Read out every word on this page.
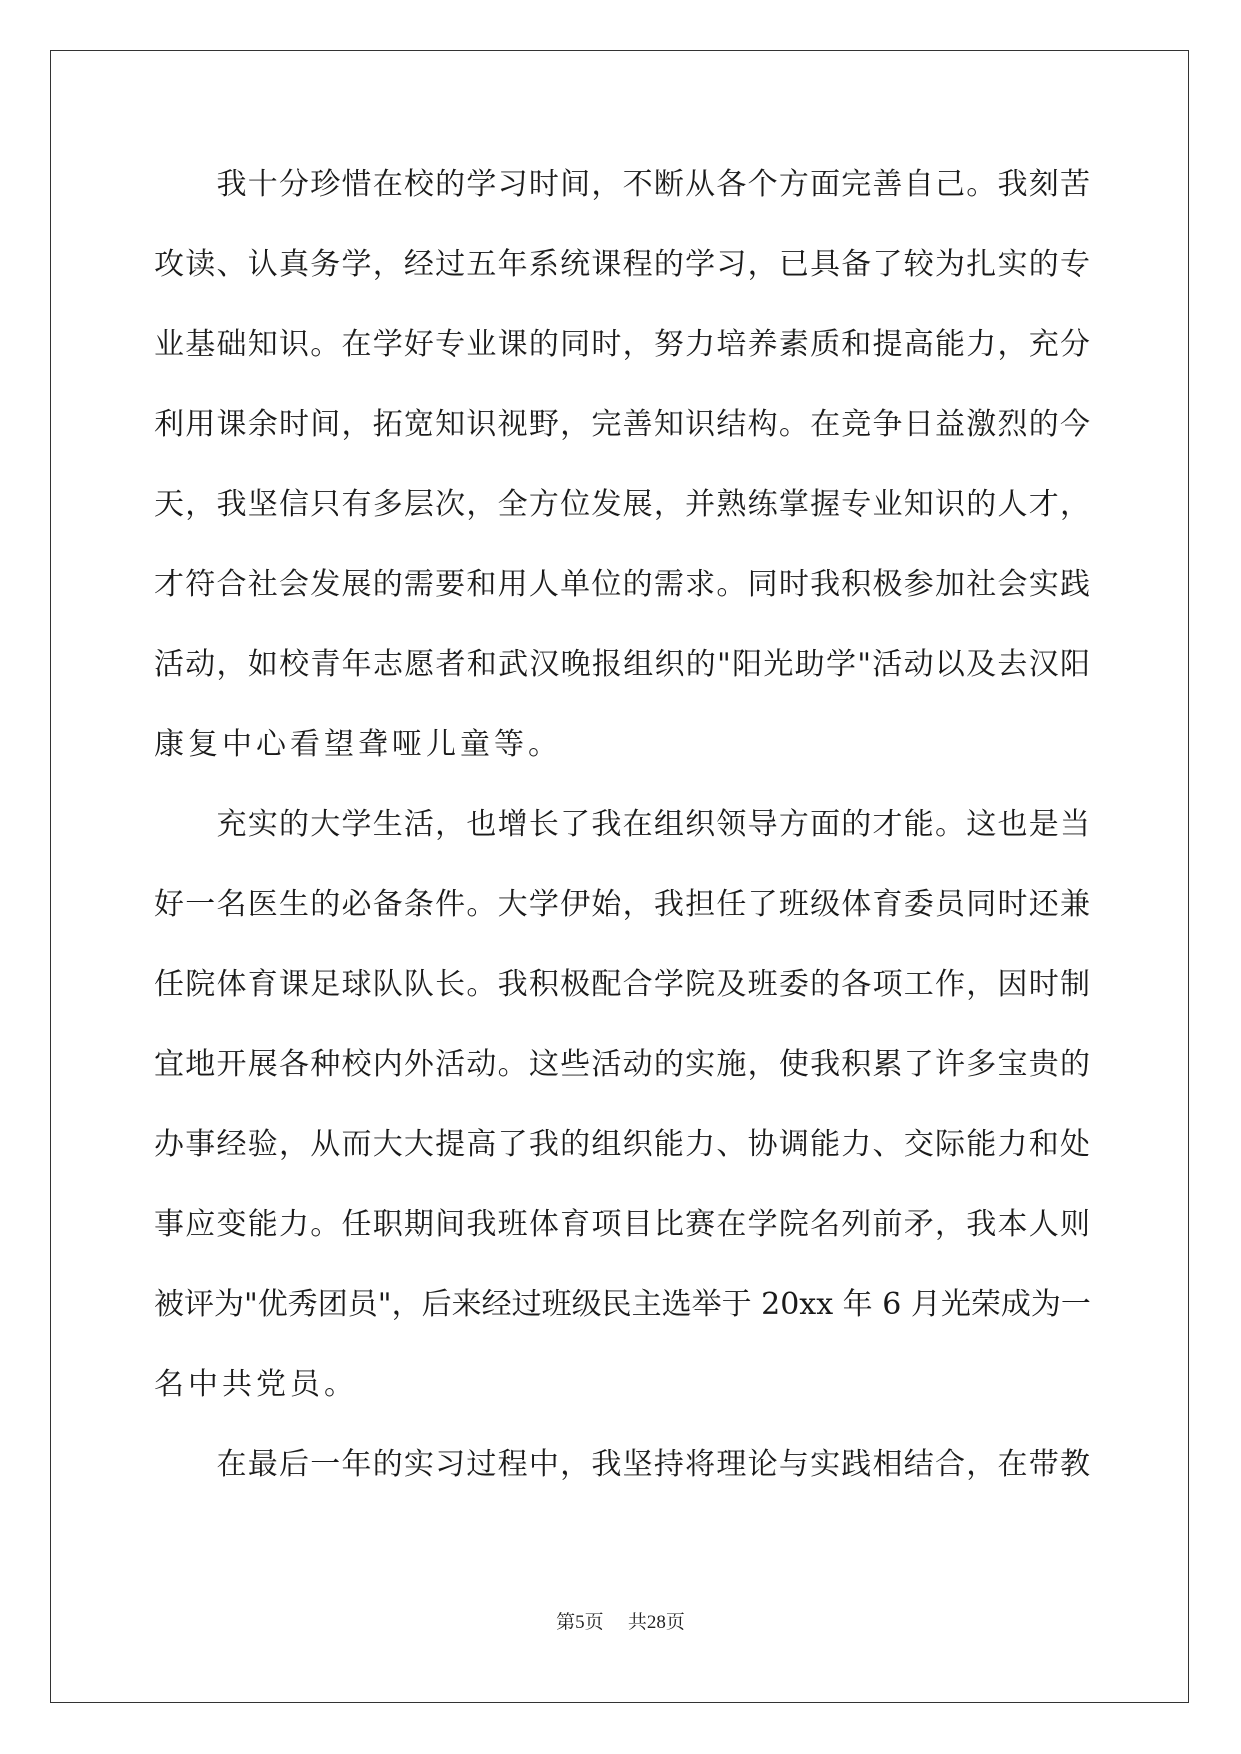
　　我十分珍惜在校的学习时间，不断从各个方面完善自己。我刻苦
攻读、认真务学，经过五年系统课程的学习，已具备了较为扎实的专
业基础知识。在学好专业课的同时，努力培养素质和提高能力，充分
利用课余时间，拓宽知识视野，完善知识结构。在竞争日益激烈的今
天，我坚信只有多层次，全方位发展，并熟练掌握专业知识的人才，
才符合社会发展的需要和用人单位的需求。同时我积极参加社会实践
活动，如校青年志愿者和武汉晚报组织的"阳光助学"活动以及去汉阳
康复中心看望聋哑儿童等。
　　充实的大学生活，也增长了我在组织领导方面的才能。这也是当
好一名医生的必备条件。大学伊始，我担任了班级体育委员同时还兼
任院体育课足球队队长。我积极配合学院及班委的各项工作，因时制
宜地开展各种校内外活动。这些活动的实施，使我积累了许多宝贵的
办事经验，从而大大提高了我的组织能力、协调能力、交际能力和处
事应变能力。任职期间我班体育项目比赛在学院名列前矛，我本人则
被评为"优秀团员"，后来经过班级民主选举于 20xx 年 6 月光荣成为一
名中共党员。
　　在最后一年的实习过程中，我坚持将理论与实践相结合，在带教
第5页 共28页
